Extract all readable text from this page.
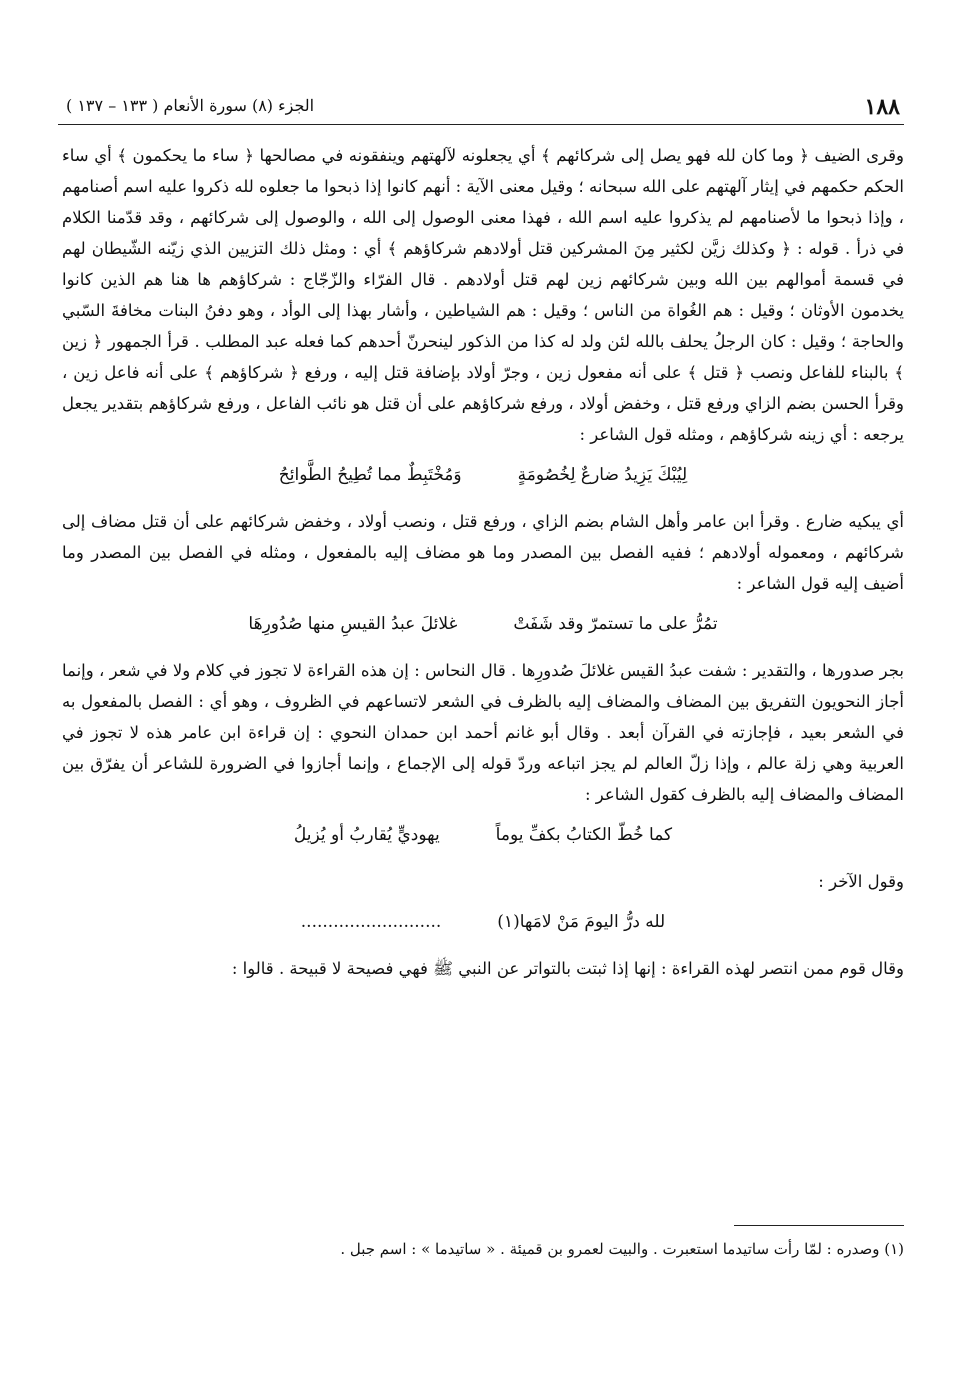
١٨٨
الجزء (٨) سورة الأنعام ( ١٣٣ – ١٣٧ )

وقرى الضيف ﴿ وما كان لله فهو يصل إلى شركائهم ﴾ أي يجعلونه لآلهتهم وينفقونه في مصالحها ﴿ ساء ما يحكمون ﴾ أي ساء الحكم حكمهم في إيثار آلهتهم على الله سبحانه ؛ وقيل معنى الآية : أنهم كانوا إذا ذبحوا ما جعلوه لله ذكروا عليه اسم أصنامهم ، وإذا ذبحوا ما لأصنامهم لم يذكروا عليه اسم الله ، فهذا معنى الوصول إلى الله ، والوصول إلى شركائهم ، وقد قدّمنا الكلام في ذرأ . قوله : ﴿ وكذلك زيَّن لكثير مِنَ المشركين قتل أولادهم شركاؤهم ﴾ أي : ومثل ذلك التزيين الذي زيّنه الشّيطان لهم في قسمة أموالهم بين الله وبين شركائهم زين لهم قتل أولادهم . قال الفرّاء والزّجّاج : شركاؤهم ها هنا هم الذين كانوا يخدمون الأوثان ؛ وقيل : هم الغُواة من الناس ؛ وقيل : هم الشياطين ، وأشار بهذا إلى الوأد ، وهو دفنُ البنات مخافةَ السّبي والحاجة ؛ وقيل : كان الرجلُ يحلف بالله لئن ولد له كذا من الذكور لينحرنّ أحدهم كما فعله عبد المطلب . قرأ الجمهور ﴿ زين ﴾ بالبناء للفاعل ونصب ﴿ قتل ﴾ على أنه مفعول زين ، وجرّ أولاد بإضافة قتل إليه ، ورفع ﴿ شركاؤهم ﴾ على أنه فاعل زين ، وقرأ الحسن بضم الزاي ورفع قتل ، وخفض أولاد ، ورفع شركاؤهم على أن قتل هو نائب الفاعل ، ورفع شركاؤهم بتقدير يجعل يرجعه : أي زينه شركاؤهم ، ومثله قول الشاعر :

لِيُبْكَ يَزِيدُ ضارعٌ لِخُصُومَةٍ
وَمُخْتَبِطٌ مما تُطِيحُ الطَّوائِحُ

أي يبكيه ضارع . وقرأ ابن عامر وأهل الشام بضم الزاي ، ورفع قتل ، ونصب أولاد ، وخفض شركائهم على أن قتل مضاف إلى شركائهم ، ومعموله أولادهم ؛ ففيه الفصل بين المصدر وما هو مضاف إليه بالمفعول ، ومثله في الفصل بين المصدر وما أضيف إليه قول الشاعر :

تمُرُّ على ما تستمرّ وقد شَفَتْ
غلائلَ عبدُ القيسِ منها صُدُورِهَا

بجر صدورها ، والتقدير : شفت عبدُ القيس غلائلَ صُدورِها . قال النحاس : إن هذه القراءة لا تجوز في كلام ولا في شعر ، وإنما أجاز النحويون التفريق بين المضاف والمضاف إليه بالظرف في الشعر لاتساعهم في الظروف ، وهو أي : الفصل بالمفعول به في الشعر بعيد ، فإجازته في القرآن أبعد . وقال أبو غانم أحمد ابن حمدان النحوي : إن قراءة ابن عامر هذه لا تجوز في العربية وهي زلة عالم ، وإذا زلّ العالم لم يجز اتباعه وردّ قوله إلى الإجماع ، وإنما أجازوا في الضرورة للشاعر أن يفرّق بين المضاف والمضاف إليه بالظرف كقول الشاعر :

كما خُطّ الكتابُ بكفِّ يوماً
يهوديٍّ يُقاربُ أو يُزيلُ

وقول الآخر :

لله درُّ اليومَ مَنْ لامَها(١)
..........................

وقال قوم ممن انتصر لهذه القراءة : إنها إذا ثبتت بالتواتر عن النبي ﷺ فهي فصيحة لا قبيحة . قالوا :

(١) وصدره : لمّا رأت ساتيدما استعبرت . والبيت لعمرو بن قميئة . « ساتيدما » : اسم جبل .
